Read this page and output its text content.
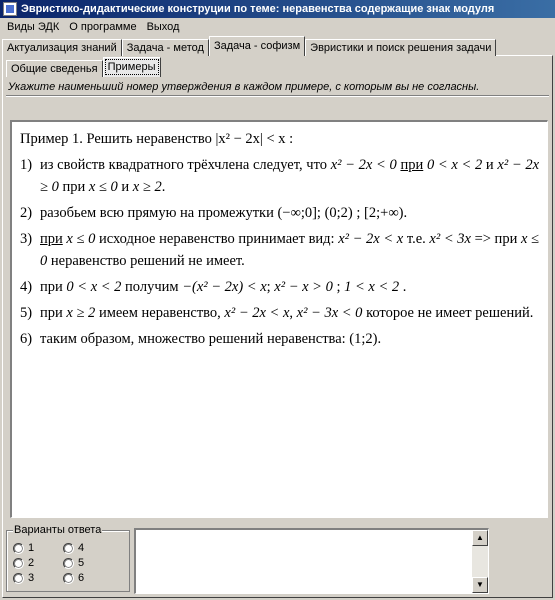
Эвристико-дидактические конструции по теме: неравенства содержащие знак модуля
Виды ЭДК О программе Выход
Актуализация знаний Задача - метод Задача - софизм Эвристики и поиск решения задачи
Общие сведенья Примеры
Укажите наименьший номер утверждения в каждом примере, с которым вы не согласны.
Пример 1. Решить неравенство |x² − 2x| < x :
1) из свойств квадратного трёхчлена следует, что x² − 2x < 0 при 0 < x < 2 и x² − 2x ≥ 0 при x ≤ 0 и x ≥ 2.
2) разобьем всю прямую на промежутки (−∞;0]; (0;2) ; [2;+∞).
3) при x ≤ 0 исходное неравенство принимает вид: x² − 2x < x т.е. x² < 3x => при x ≤ 0 неравенство решений не имеет.
4) при 0 < x < 2 получим −(x² − 2x) < x; x² − x > 0 ; 1 < x < 2 .
5) при x ≥ 2 имеем неравенство, x² − 2x < x, x² − 3x < 0 которое не имеет решений.
6) таким образом, множество решений неравенства: (1;2).
Варианты ответа
1	4
2	5
3	6
▲
▼
